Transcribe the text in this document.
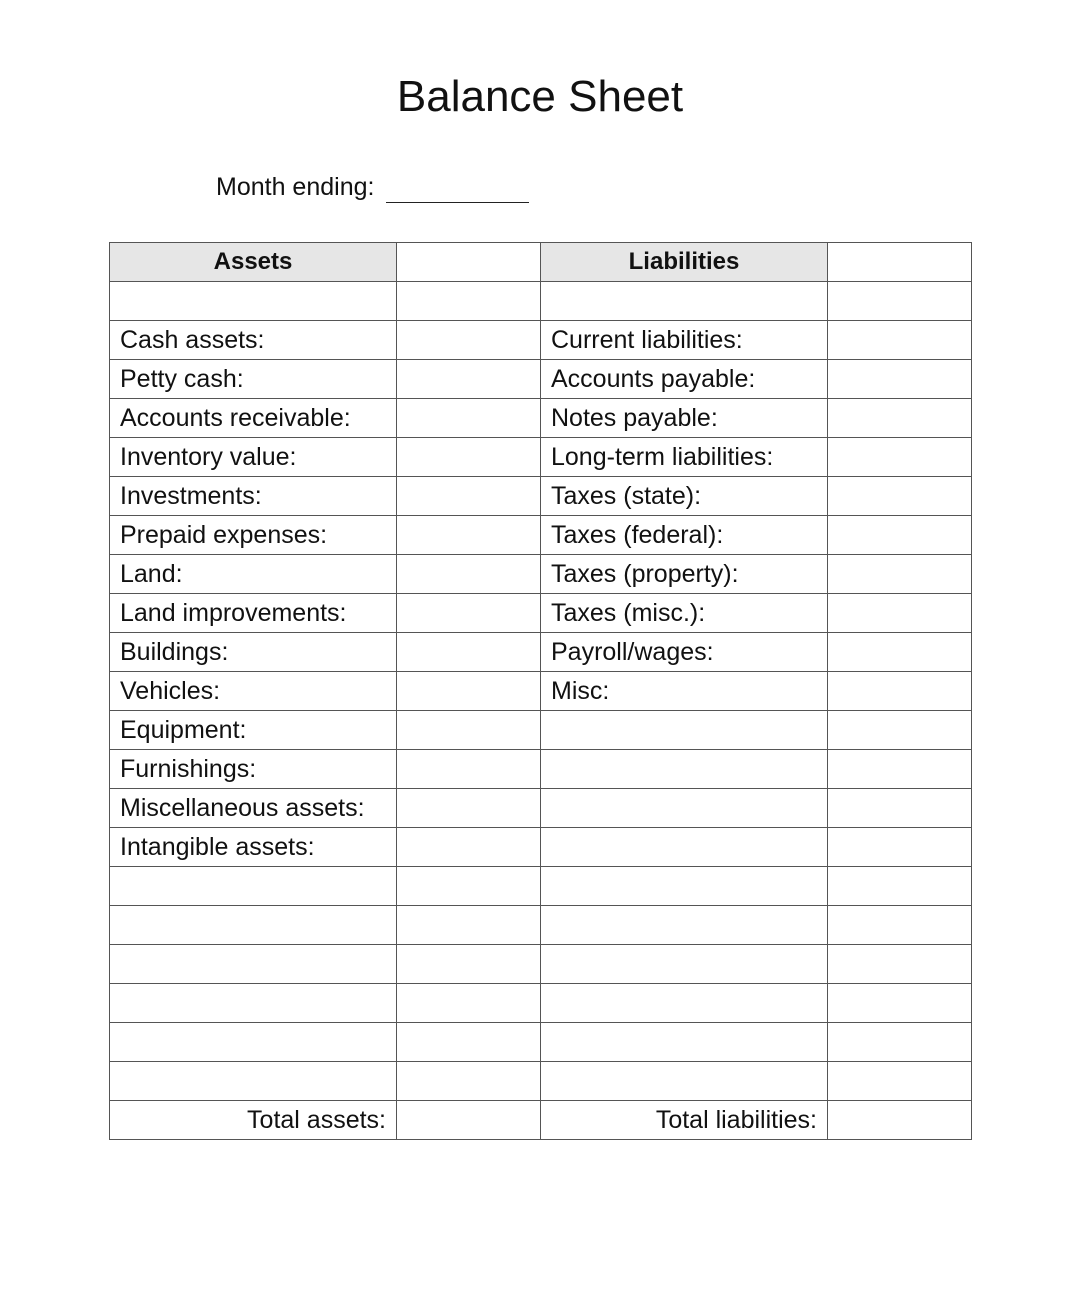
Balance Sheet
Month ending:
Assets		Liabilities	

Cash assets:		Current liabilities:	
Petty cash:		Accounts payable:	
Accounts receivable:		Notes payable:	
Inventory value:		Long-term liabilities:	
Investments:		Taxes (state):	
Prepaid expenses:		Taxes (federal):	
Land:		Taxes (property):	
Land improvements:		Taxes (misc.):	
Buildings:		Payroll/wages:	
Vehicles:		Misc:	
Equipment:			
Furnishings:			
Miscellaneous assets:			
Intangible assets:			

Total assets:		Total liabilities:	
